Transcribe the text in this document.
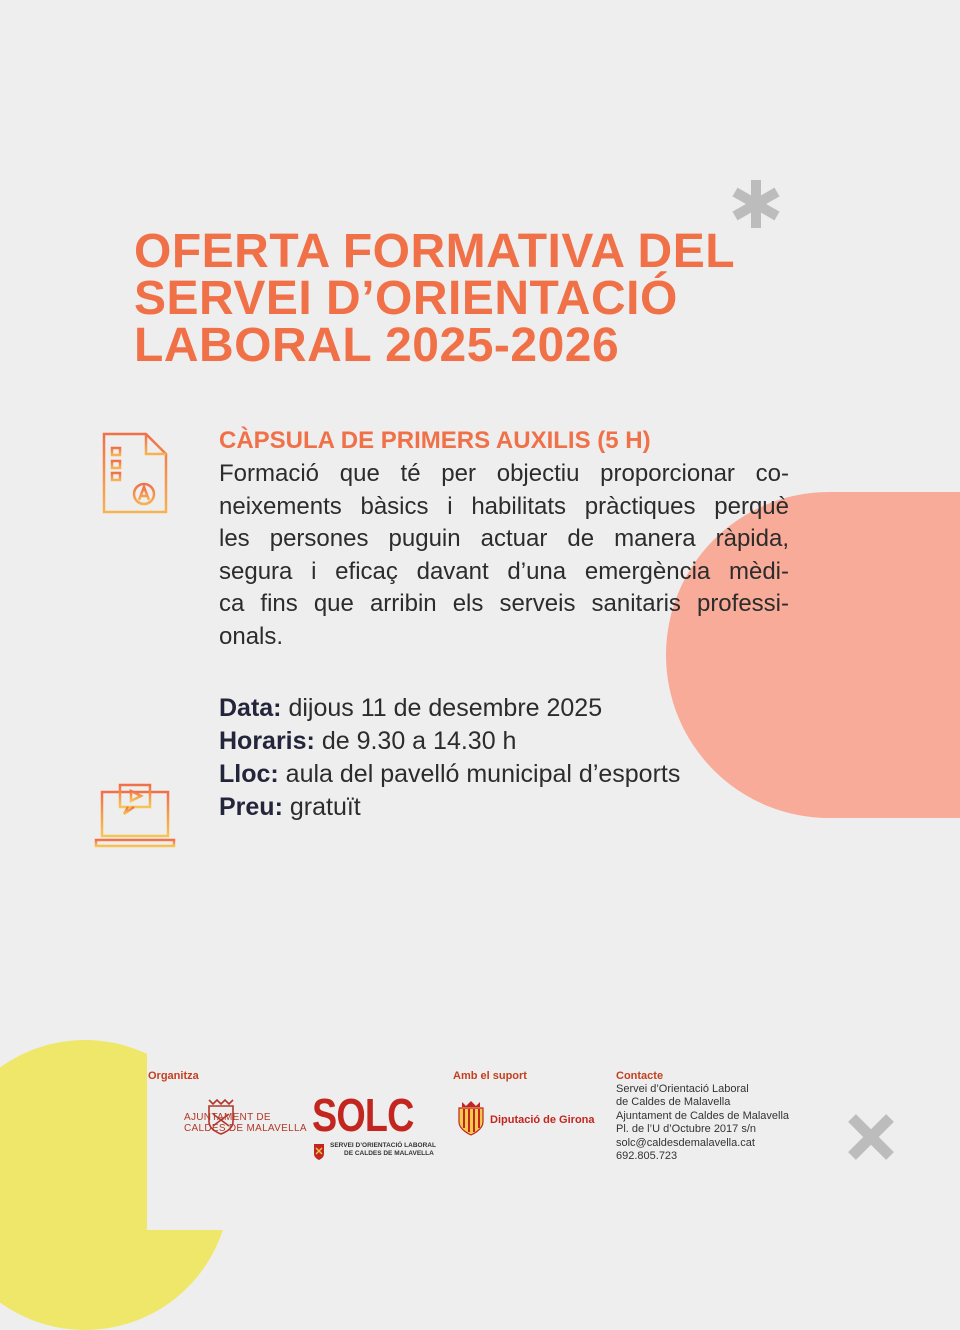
OFERTA FORMATIVA DEL
SERVEI D’ORIENTACIÓ
LABORAL 2025-2026
CÀPSULA DE PRIMERS AUXILIS (5 H)

Formació que té per objectiu proporcionar co-
neixements bàsics i habilitats pràctiques perquè
les persones puguin actuar de manera ràpida,
segura i eficaç davant d’una emergència mèdi-
ca fins que arribin els serveis sanitaris professi-
onals.

Data: dijous 11 de desembre 2025
Horaris: de 9.30 a 14.30 h
Lloc: aula del pavelló municipal d’esports
Preu: gratuït
Organitza
AJUNTAMENT DE
CALDES DE MALAVELLA SOLC
SERVEI D’ORIENTACIÓ LABORAL
DE CALDES DE MALAVELLA
Amb el suport
Diputació de Girona
Contacte
Servei d’Orientació Laboral
de Caldes de Malavella
Ajuntament de Caldes de Malavella
Pl. de l’U d’Octubre 2017 s/n
solc@caldesdemalavella.cat
692.805.723
